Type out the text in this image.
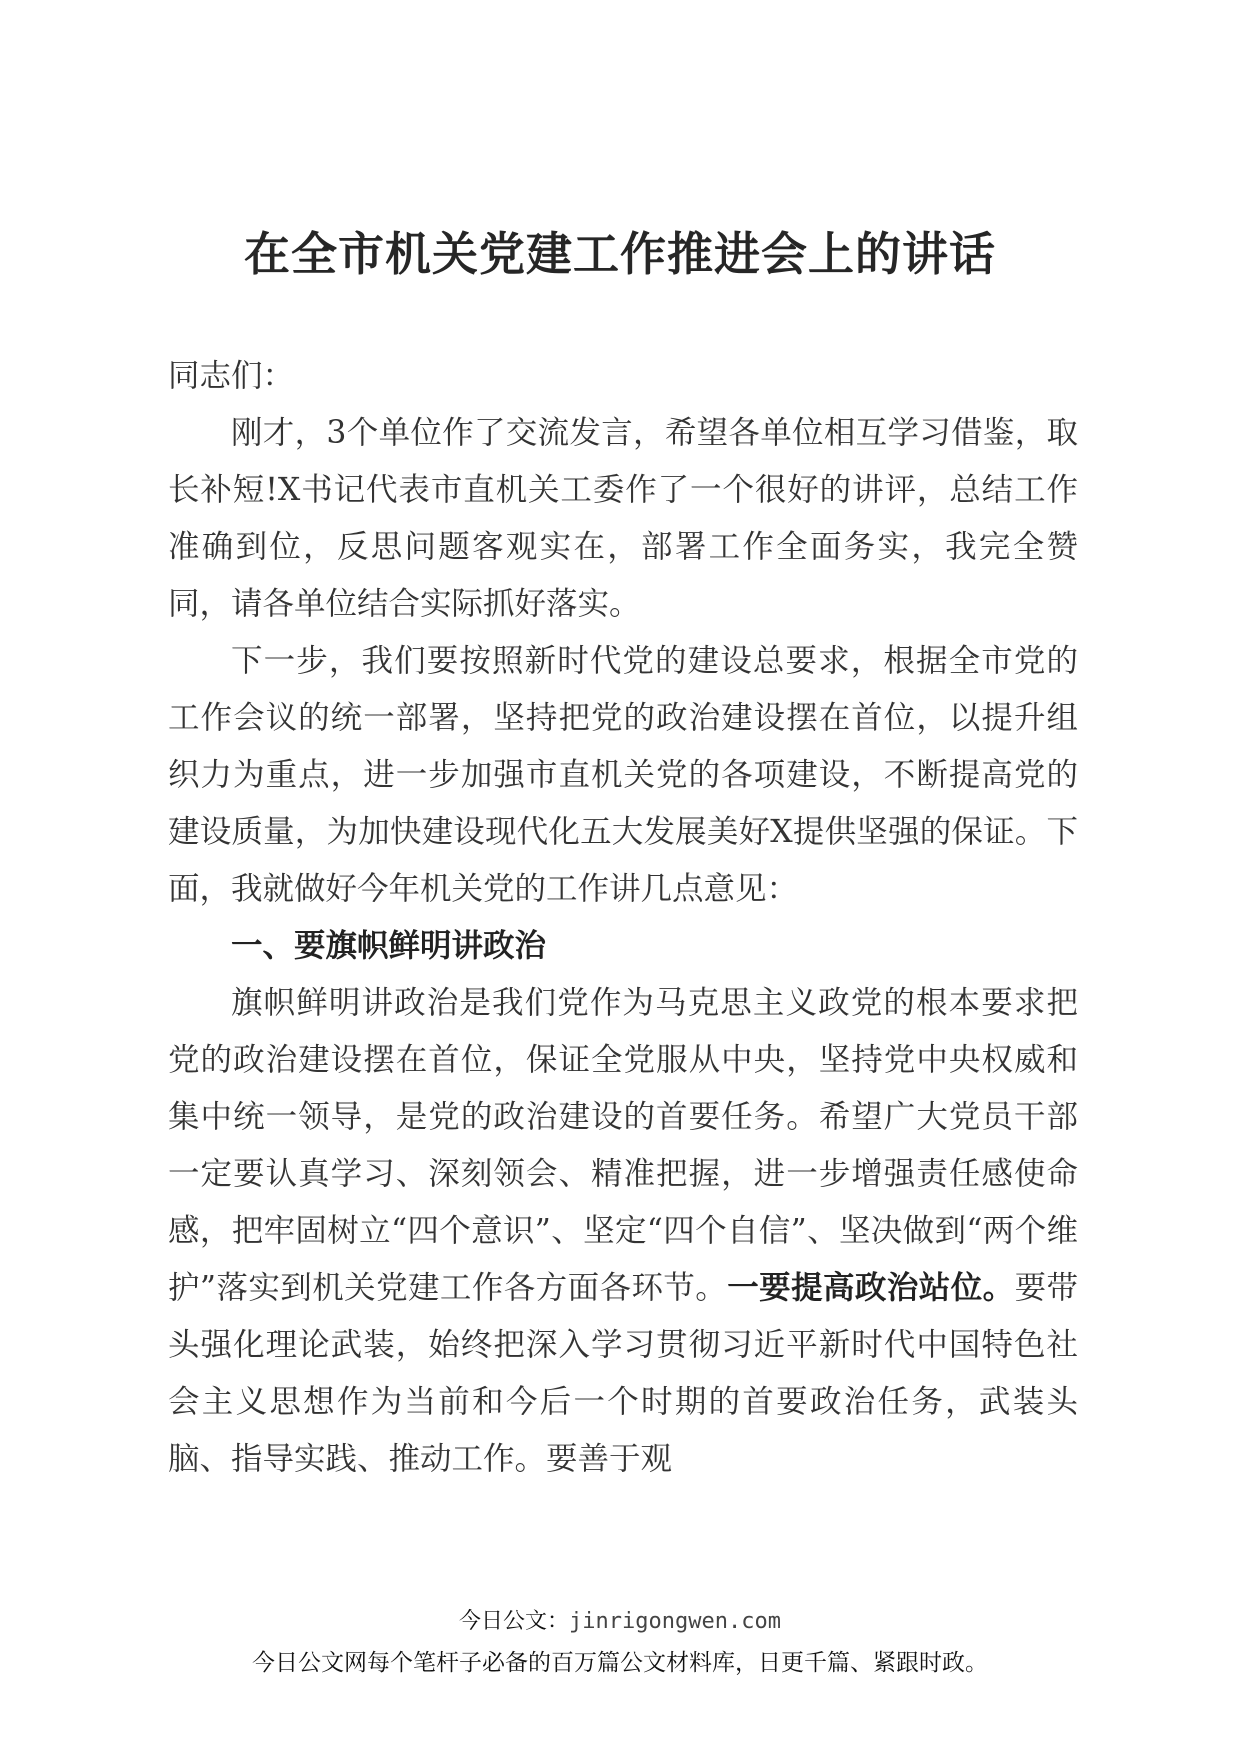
在全市机关党建工作推进会上的讲话

同志们：

刚才，3个单位作了交流发言，希望各单位相互学习借鉴，取长补短!X书记代表市直机关工委作了一个很好的讲评，总结工作准确到位，反思问题客观实在，部署工作全面务实，我完全赞同，请各单位结合实际抓好落实。

下一步，我们要按照新时代党的建设总要求，根据全市党的工作会议的统一部署，坚持把党的政治建设摆在首位，以提升组织力为重点，进一步加强市直机关党的各项建设，不断提高党的建设质量，为加快建设现代化五大发展美好X提供坚强的保证。下面，我就做好今年机关党的工作讲几点意见：

一、要旗帜鲜明讲政治

旗帜鲜明讲政治是我们党作为马克思主义政党的根本要求把党的政治建设摆在首位，保证全党服从中央，坚持党中央权威和集中统一领导，是党的政治建设的首要任务。希望广大党员干部一定要认真学习、深刻领会、精准把握，进一步增强责任感使命感，把牢固树立“四个意识”、坚定“四个自信”、坚决做到“两个维护”落实到机关党建工作各方面各环节。一要提高政治站位。要带头强化理论武装，始终把深入学习贯彻习近平新时代中国特色社会主义思想作为当前和今后一个时期的首要政治任务，武装头脑、指导实践、推动工作。要善于观

今日公文：jinrigongwen.com
今日公文网每个笔杆子必备的百万篇公文材料库，日更千篇、紧跟时政。
